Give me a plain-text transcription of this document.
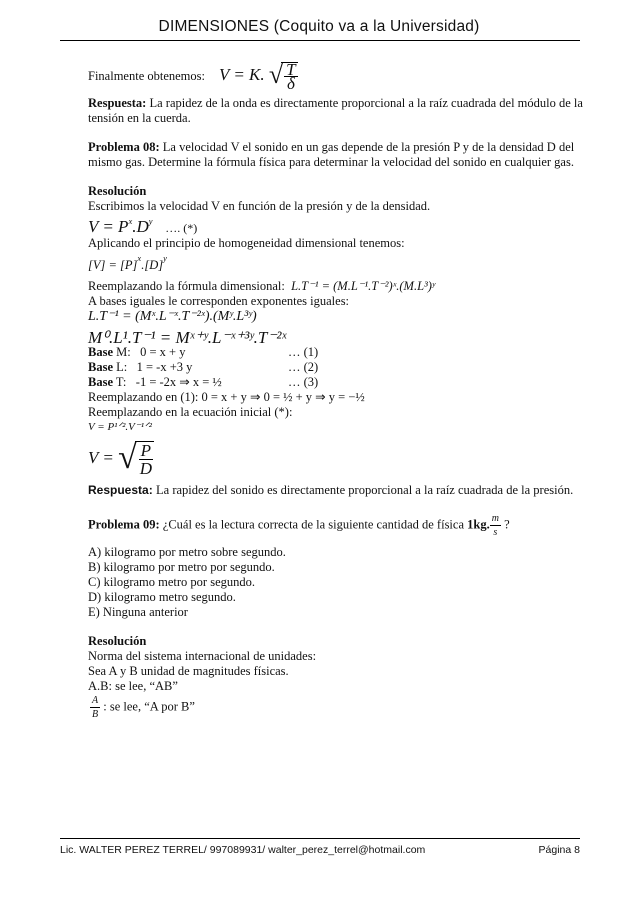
DIMENSIONES (Coquito va a la Universidad)
Finalmente obtenemos: V = K. √ $\frac{T}{\delta}$

Respuesta: La rapidez de la onda es directamente proporcional a la raíz cuadrada del módulo de la tensión en la cuerda.

Problema 08: La velocidad V el sonido en un gas depende de la presión P y de la densidad D del mismo gas. Determine la fórmula física para determinar la velocidad del sonido en cualquier gas.

Resolución

Escribimos la velocidad V en función de la presión y de la densidad.

$V = P^x.D^y$ …. (*)

Aplicando el principio de homogeneidad dimensional tenemos:

$[V] = [P]^x.[D]^y$

Reemplazando la fórmula dimensional: L.T⁻¹ = (M.L⁻¹.T⁻²)ˣ.(M.L³)ʸ

A bases iguales le corresponden exponentes iguales:

L.T⁻¹ = (Mˣ.L⁻ˣ.T⁻²ˣ).(Mʸ.L³ʸ)

M⁰.L¹.T⁻¹ = Mˣ⁺ʸ.L⁻ˣ⁺³ʸ.T⁻²ˣ

Base M: 0 = x + y	… (1)
Base L: 1 = -x +3 y	… (2)
Base T: -1 = -2x ⇒ x = ½	… (3)

Reemplazando en (1): 0 = x + y ⇒ 0 = ½ + y ⇒ y = −½

Reemplazando en la ecuación inicial (*):

V = P¹ᐟ².V⁻¹ᐟ²

V = √ $\frac{P}{D}$

Respuesta: La rapidez del sonido es directamente proporcional a la raíz cuadrada de la presión.

Problema 09: ¿Cuál es la lectura correcta de la siguiente cantidad de física 1kg. $\frac{m}{s}$ ?

A) kilogramo por metro sobre segundo.

B) kilogramo por metro por segundo.

C) kilogramo metro por segundo.

D) kilogramo metro segundo.

E) Ninguna anterior

Resolución

Norma del sistema internacional de unidades:

Sea A y B unidad de magnitudes físicas.

A.B: se lee, “AB”

$\frac{A}{B}$ : se lee, “A por B”

Lic. WALTER PEREZ TERREL/ 997089931/ walter_perez_terrel@hotmail.com	Página 8
